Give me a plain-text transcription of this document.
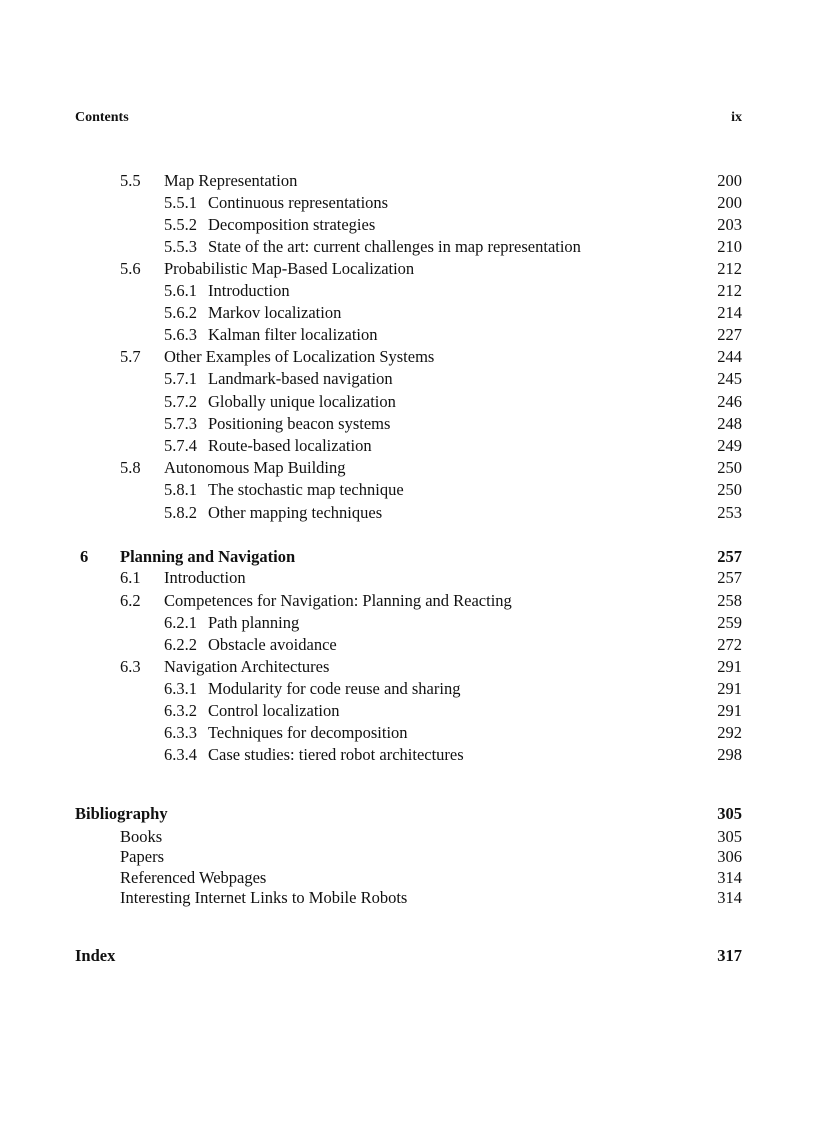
Contents	ix
5.5 Map Representation	200
5.5.1 Continuous representations	200
5.5.2 Decomposition strategies	203
5.5.3 State of the art: current challenges in map representation	210
5.6 Probabilistic Map-Based Localization	212
5.6.1 Introduction	212
5.6.2 Markov localization	214
5.6.3 Kalman filter localization	227
5.7 Other Examples of Localization Systems	244
5.7.1 Landmark-based navigation	245
5.7.2 Globally unique localization	246
5.7.3 Positioning beacon systems	248
5.7.4 Route-based localization	249
5.8 Autonomous Map Building	250
5.8.1 The stochastic map technique	250
5.8.2 Other mapping techniques	253
6 Planning and Navigation	257
6.1 Introduction	257
6.2 Competences for Navigation: Planning and Reacting	258
6.2.1 Path planning	259
6.2.2 Obstacle avoidance	272
6.3 Navigation Architectures	291
6.3.1 Modularity for code reuse and sharing	291
6.3.2 Control localization	291
6.3.3 Techniques for decomposition	292
6.3.4 Case studies: tiered robot architectures	298
Bibliography	305
Books	305
Papers	306
Referenced Webpages	314
Interesting Internet Links to Mobile Robots	314
Index	317
